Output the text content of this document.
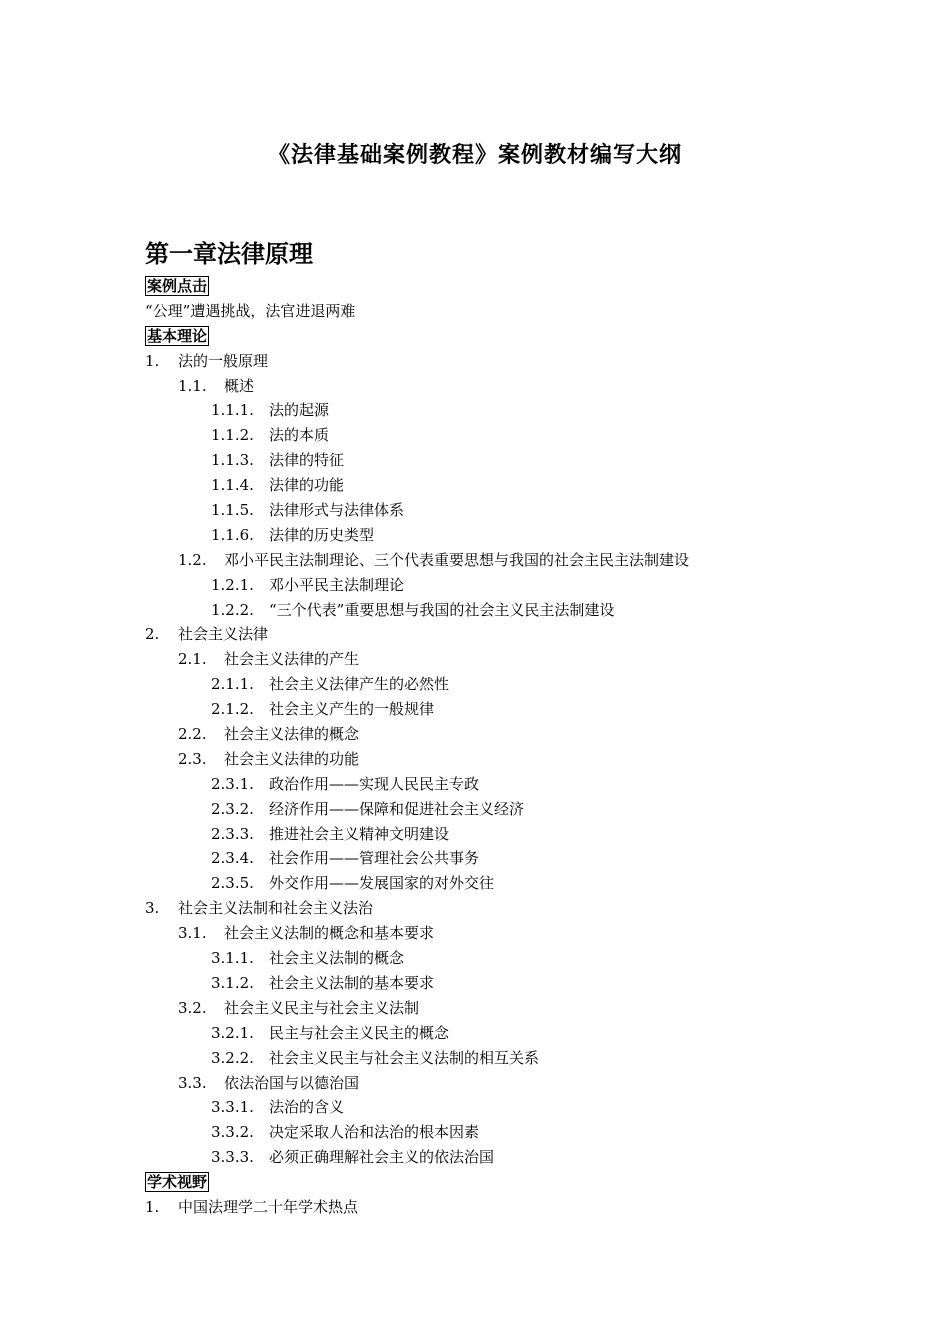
《法律基础案例教程》案例教材编写大纲
第一章法律原理
案例点击
“公理”遭遇挑战，法官进退两难
基本理论
1. 法的一般原理
1.1. 概述
1.1.1. 法的起源
1.1.2. 法的本质
1.1.3. 法律的特征
1.1.4. 法律的功能
1.1.5. 法律形式与法律体系
1.1.6. 法律的历史类型
1.2. 邓小平民主法制理论、三个代表重要思想与我国的社会主民主法制建设
1.2.1. 邓小平民主法制理论
1.2.2. “三个代表”重要思想与我国的社会主义民主法制建设
2. 社会主义法律
2.1. 社会主义法律的产生
2.1.1. 社会主义法律产生的必然性
2.1.2. 社会主义产生的一般规律
2.2. 社会主义法律的概念
2.3. 社会主义法律的功能
2.3.1. 政治作用——实现人民民主专政
2.3.2. 经济作用——保障和促进社会主义经济
2.3.3. 推进社会主义精神文明建设
2.3.4. 社会作用——管理社会公共事务
2.3.5. 外交作用——发展国家的对外交往
3. 社会主义法制和社会主义法治
3.1. 社会主义法制的概念和基本要求
3.1.1. 社会主义法制的概念
3.1.2. 社会主义法制的基本要求
3.2. 社会主义民主与社会主义法制
3.2.1. 民主与社会主义民主的概念
3.2.2. 社会主义民主与社会主义法制的相互关系
3.3. 依法治国与以德治国
3.3.1. 法治的含义
3.3.2. 决定采取人治和法治的根本因素
3.3.3. 必须正确理解社会主义的依法治国
学术视野
1. 中国法理学二十年学术热点
